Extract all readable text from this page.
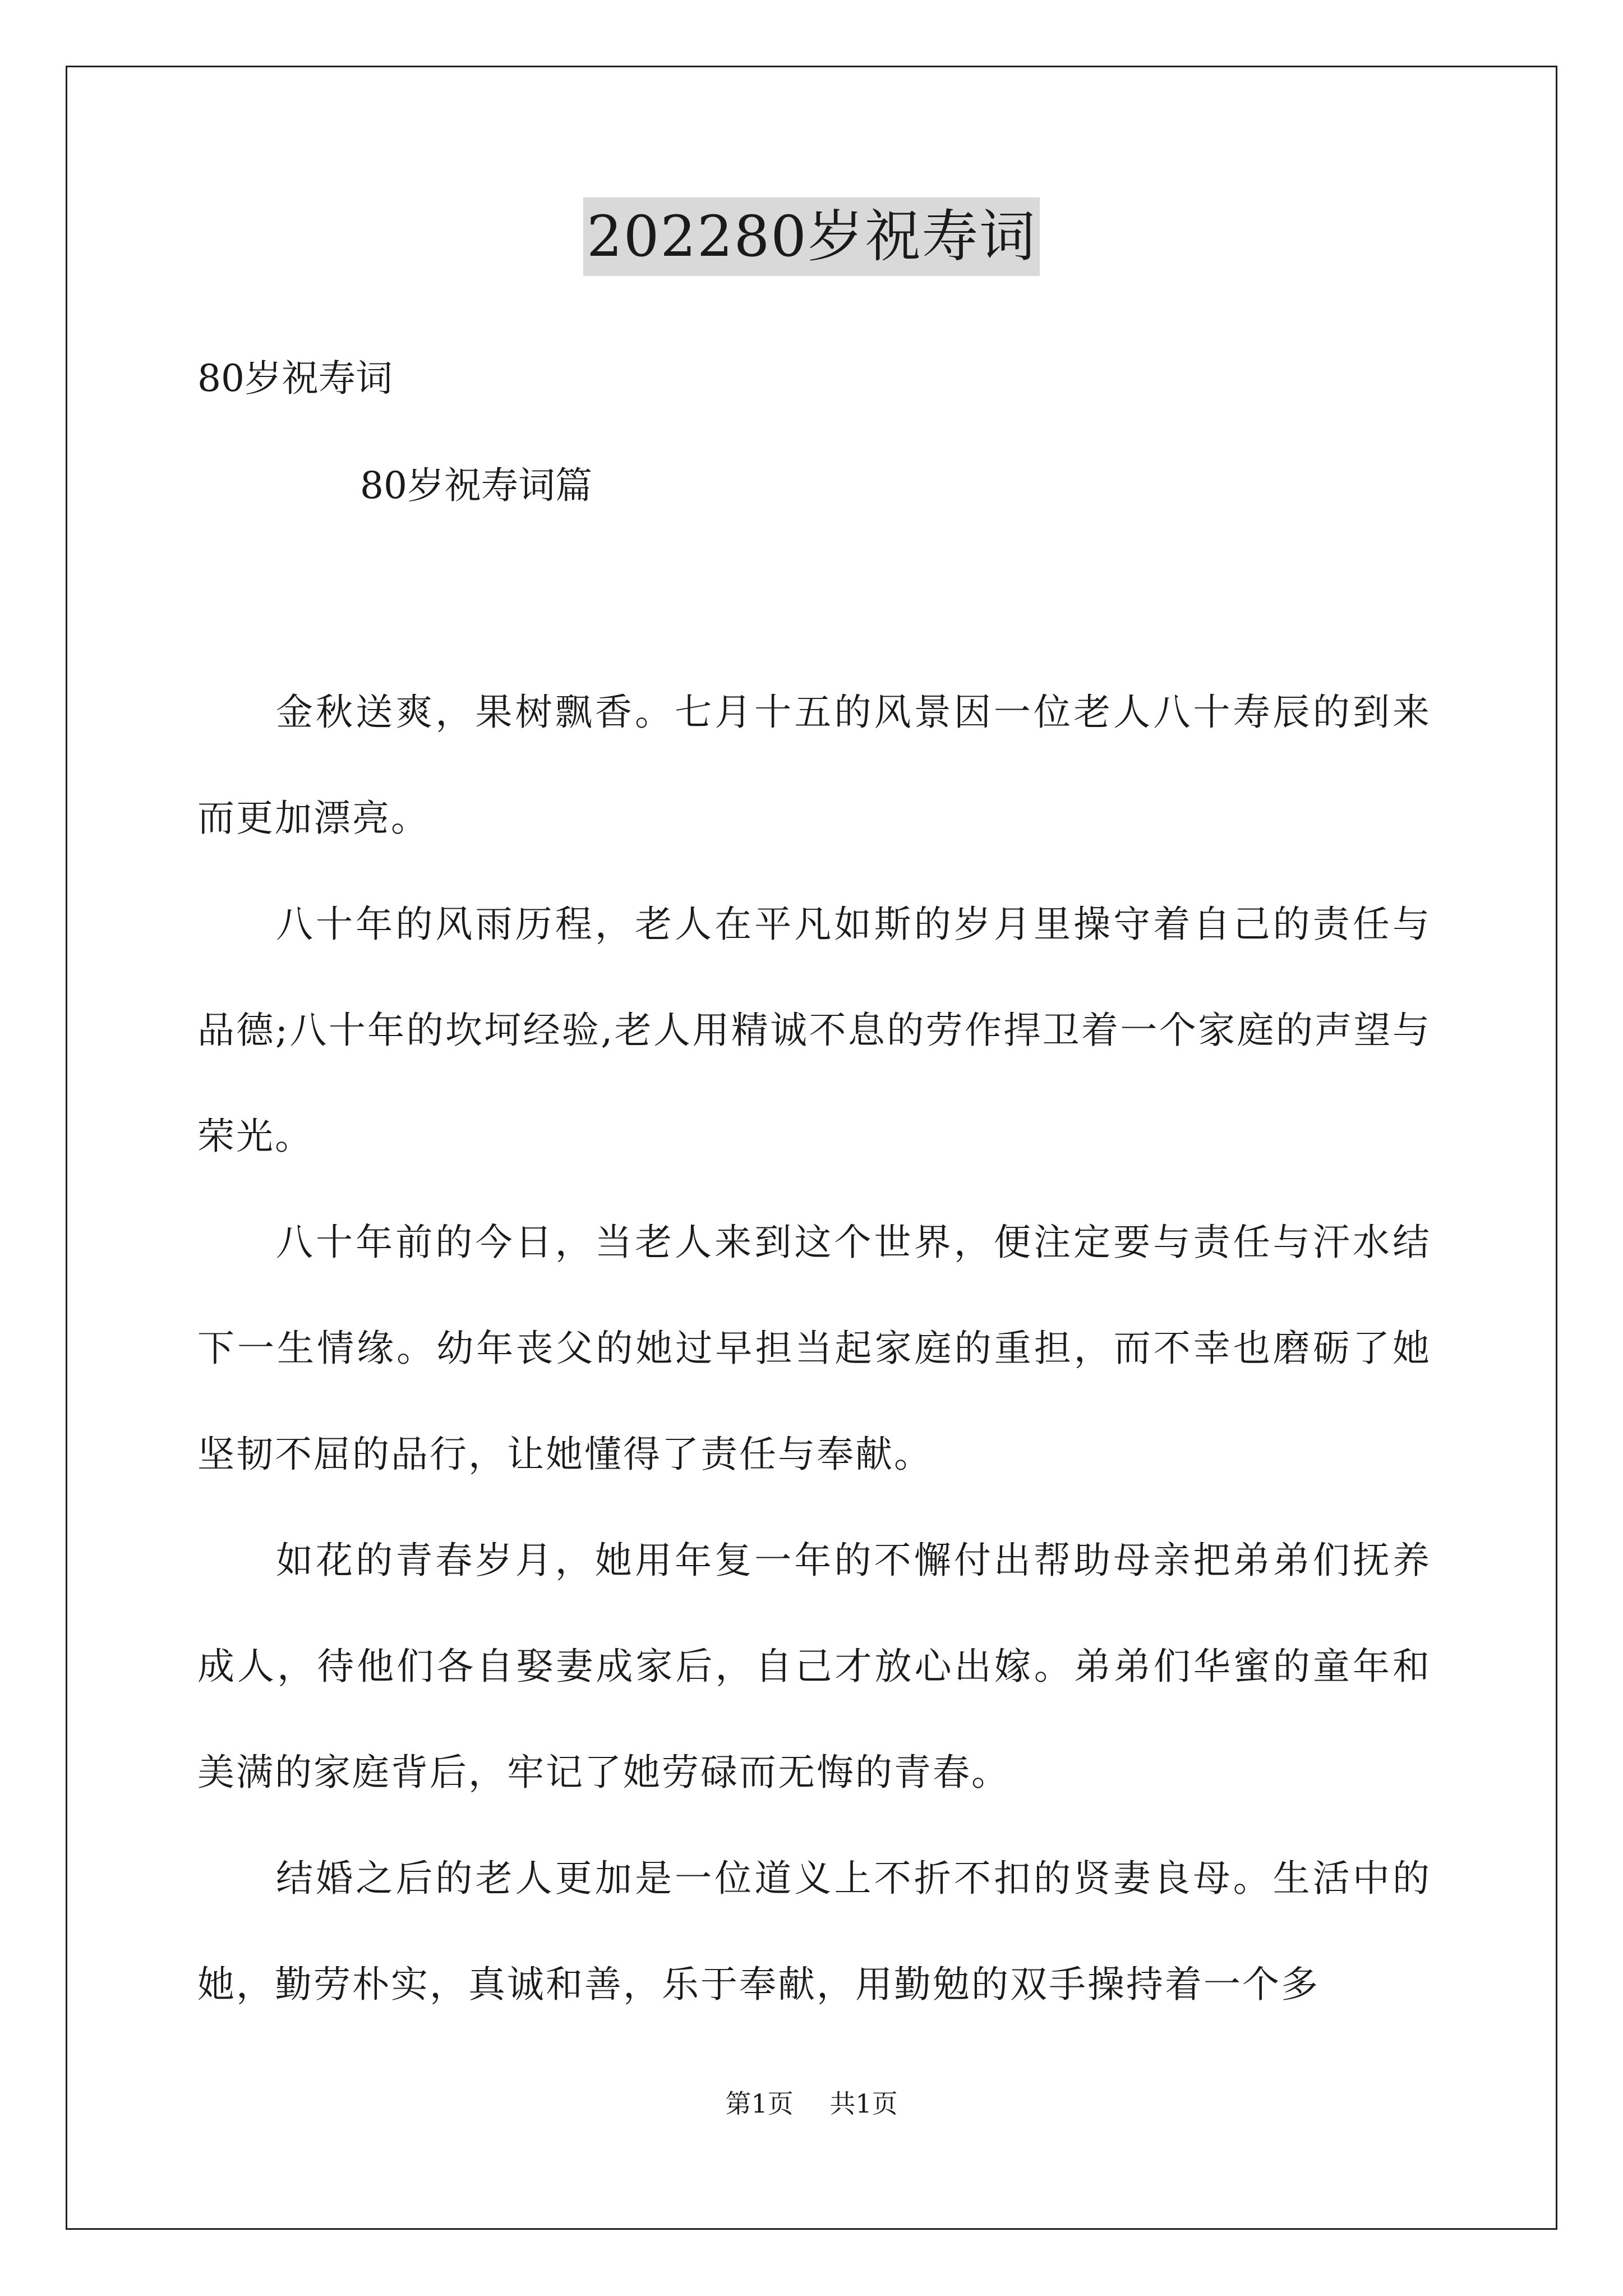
202280岁祝寿词
80岁祝寿词
80岁祝寿词篇

金秋送爽，果树飘香。七月十五的风景因一位老人八十寿辰的到来而更加漂亮。

八十年的风雨历程，老人在平凡如斯的岁月里操守着自己的责任与品德;八十年的坎坷经验,老人用精诚不息的劳作捍卫着一个家庭的声望与荣光。

八十年前的今日，当老人来到这个世界，便注定要与责任与汗水结下一生情缘。幼年丧父的她过早担当起家庭的重担，而不幸也磨砺了她坚韧不屈的品行，让她懂得了责任与奉献。

如花的青春岁月，她用年复一年的不懈付出帮助母亲把弟弟们抚养成人，待他们各自娶妻成家后，自己才放心出嫁。弟弟们华蜜的童年和美满的家庭背后，牢记了她劳碌而无悔的青春。

结婚之后的老人更加是一位道义上不折不扣的贤妻良母。生活中的她，勤劳朴实，真诚和善，乐于奉献，用勤勉的双手操持着一个多

第1页 共1页
